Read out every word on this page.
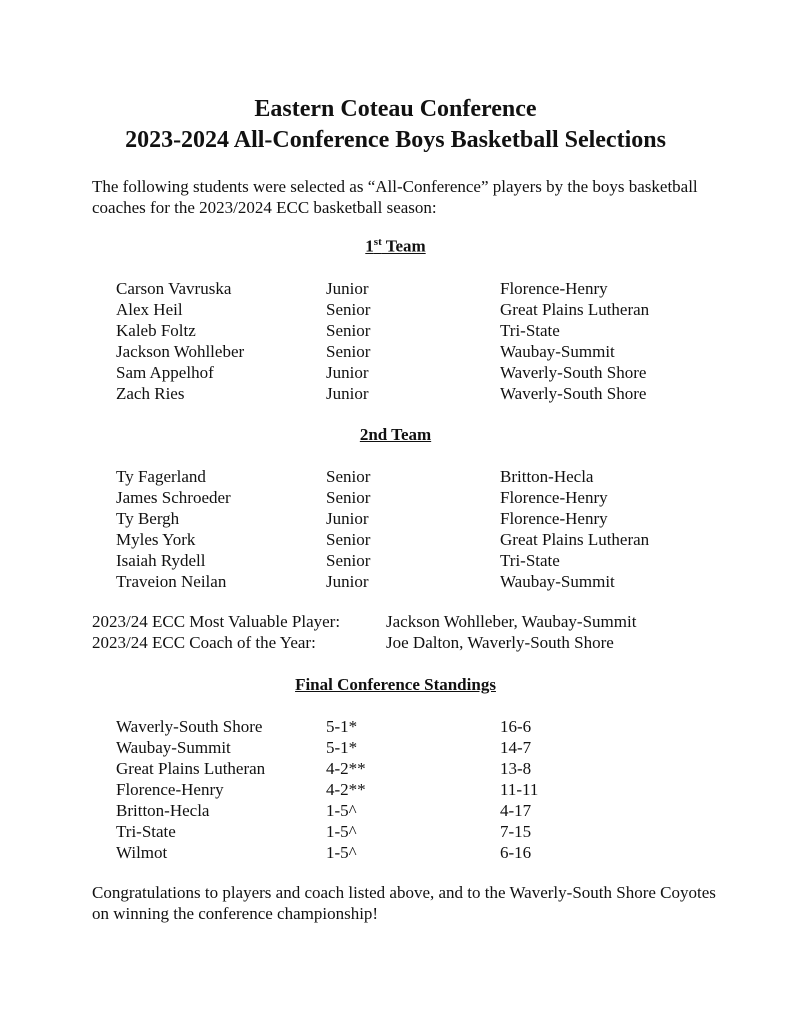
Eastern Coteau Conference
2023-2024 All-Conference Boys Basketball Selections
The following students were selected as “All-Conference” players by the boys basketball coaches for the 2023/2024 ECC basketball season:
1st Team
Carson Vavruska	Junior	Florence-Henry
Alex Heil	Senior	Great Plains Lutheran
Kaleb Foltz	Senior	Tri-State
Jackson Wohlleber	Senior	Waubay-Summit
Sam Appelhof	Junior	Waverly-South Shore
Zach Ries	Junior	Waverly-South Shore
2nd Team
Ty Fagerland	Senior	Britton-Hecla
James Schroeder	Senior	Florence-Henry
Ty Bergh	Junior	Florence-Henry
Myles York	Senior	Great Plains Lutheran
Isaiah Rydell	Senior	Tri-State
Traveion Neilan	Junior	Waubay-Summit
2023/24 ECC Most Valuable Player:	Jackson Wohlleber, Waubay-Summit
2023/24 ECC Coach of the Year:	Joe Dalton, Waverly-South Shore
Final Conference Standings
Waverly-South Shore	5-1*	16-6
Waubay-Summit	5-1*	14-7
Great Plains Lutheran	4-2**	13-8
Florence-Henry	4-2**	11-11
Britton-Hecla	1-5^	4-17
Tri-State	1-5^	7-15
Wilmot	1-5^	6-16
Congratulations to players and coach listed above, and to the Waverly-South Shore Coyotes on winning the conference championship!
